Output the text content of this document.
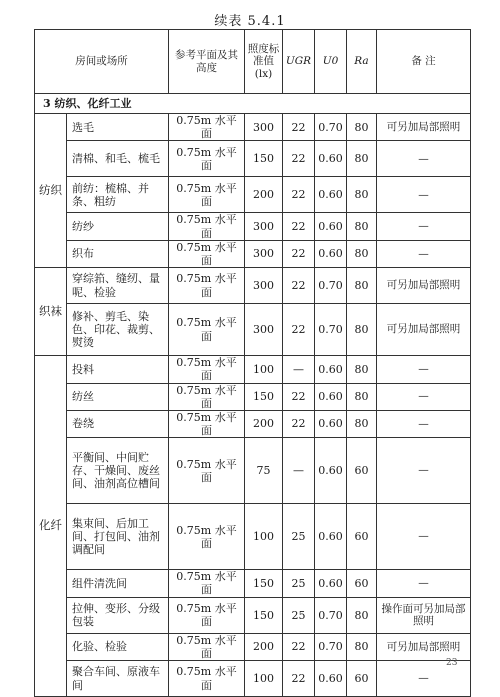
续表 5.4.1
房间或场所		参考平面及其高度	照度标准值(lx)	UGR	U0	Ra	备 注
3 纺织、化纤工业							
纺织	选毛	0.75m 水平面	300	22	0.70	80	可另加局部照明
	清棉、和毛、梳毛	0.75m 水平面	150	22	0.60	80	—
	前纺：梳棉、并条、粗纺	0.75m 水平面	200	22	0.60	80	—
	纺纱	0.75m 水平面	300	22	0.60	80	—
	织布	0.75m 水平面	300	22	0.60	80	—
织袜	穿综筘、缝纫、量呢、检验	0.75m 水平面	300	22	0.70	80	可另加局部照明
	修补、剪毛、染色、印花、裁剪、熨烫	0.75m 水平面	300	22	0.70	80	可另加局部照明
化纤	投料	0.75m 水平面	100	—	0.60	80	—
	纺丝	0.75m 水平面	150	22	0.60	80	—
	卷绕	0.75m 水平面	200	22	0.60	80	—
	平衡间、中间贮存、干燥间、废丝间、油剂高位槽间	0.75m 水平面	75	—	0.60	60	—
	集束间、后加工间、打包间、油剂调配间	0.75m 水平面	100	25	0.60	60	—
	组件清洗间	0.75m 水平面	150	25	0.60	60	—
	拉伸、变形、分级包装	0.75m 水平面	150	25	0.70	80	操作面可另加局部照明
	化验、检验	0.75m 水平面	200	22	0.70	80	可另加局部照明
	聚合车间、原液车间	0.75m 水平面	100	22	0.60	60	—
23
